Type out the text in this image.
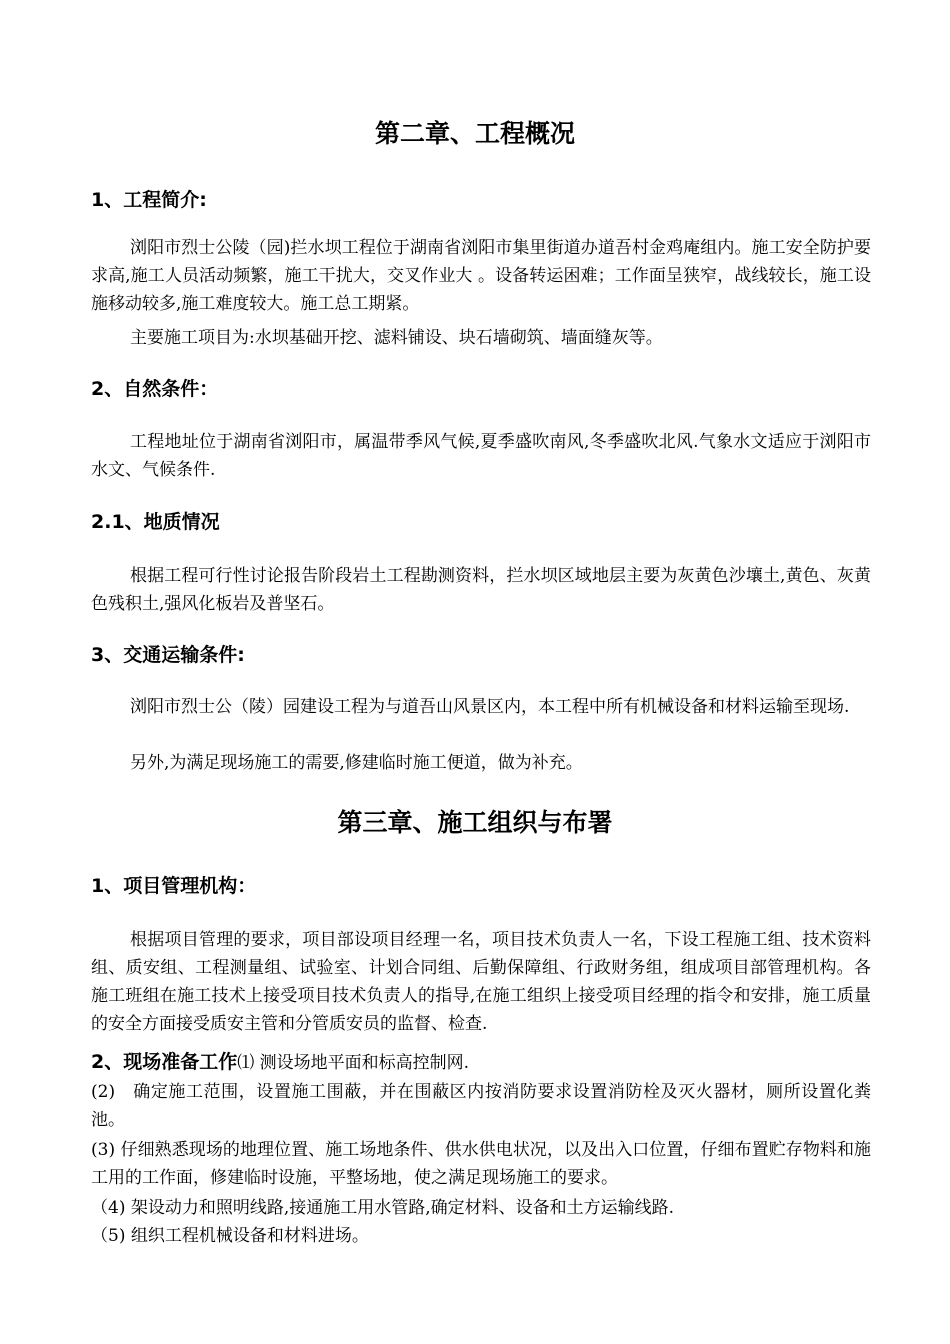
第二章、工程概况
1、工程简介:

浏阳市烈士公陵（园)拦水坝工程位于湖南省浏阳市集里街道办道吾村金鸡庵组内。施工安全防护要求高,施工人员活动频繁，施工干扰大，交叉作业大 。设备转运困难；工作面呈狭窄，战线较长，施工设施移动较多,施工难度较大。施工总工期紧。

主要施工项目为:水坝基础开挖、滤料铺设、块石墙砌筑、墙面缝灰等。

2、自然条件：

工程地址位于湖南省浏阳市，属温带季风气候,夏季盛吹南风,冬季盛吹北风.气象水文适应于浏阳市水文、气候条件.

2.1、地质情况

根据工程可行性讨论报告阶段岩土工程勘测资料，拦水坝区域地层主要为灰黄色沙壤土,黄色、灰黄色残积土,强风化板岩及普坚石。

3、交通运输条件:

浏阳市烈士公（陵）园建设工程为与道吾山风景区内，本工程中所有机械设备和材料运输至现场.

另外,为满足现场施工的需要,修建临时施工便道，做为补充。

第三章、施工组织与布署
1、项目管理机构：

根据项目管理的要求，项目部设项目经理一名，项目技术负责人一名，下设工程施工组、技术资料组、质安组、工程测量组、试验室、计划合同组、后勤保障组、行政财务组，组成项目部管理机构。各施工班组在施工技术上接受项目技术负责人的指导,在施工组织上接受项目经理的指令和安排，施工质量的安全方面接受质安主管和分管质安员的监督、检查.

2、现场准备工作⑴ 测设场地平面和标高控制网.

(2)　确定施工范围，设置施工围蔽，并在围蔽区内按消防要求设置消防栓及灭火器材，厕所设置化粪池。

(3) 仔细熟悉现场的地理位置、施工场地条件、供水供电状况，以及出入口位置，仔细布置贮存物料和施工用的工作面，修建临时设施，平整场地，使之满足现场施工的要求。

（4) 架设动力和照明线路,接通施工用水管路,确定材料、设备和土方运输线路.

（5) 组织工程机械设备和材料进场。
